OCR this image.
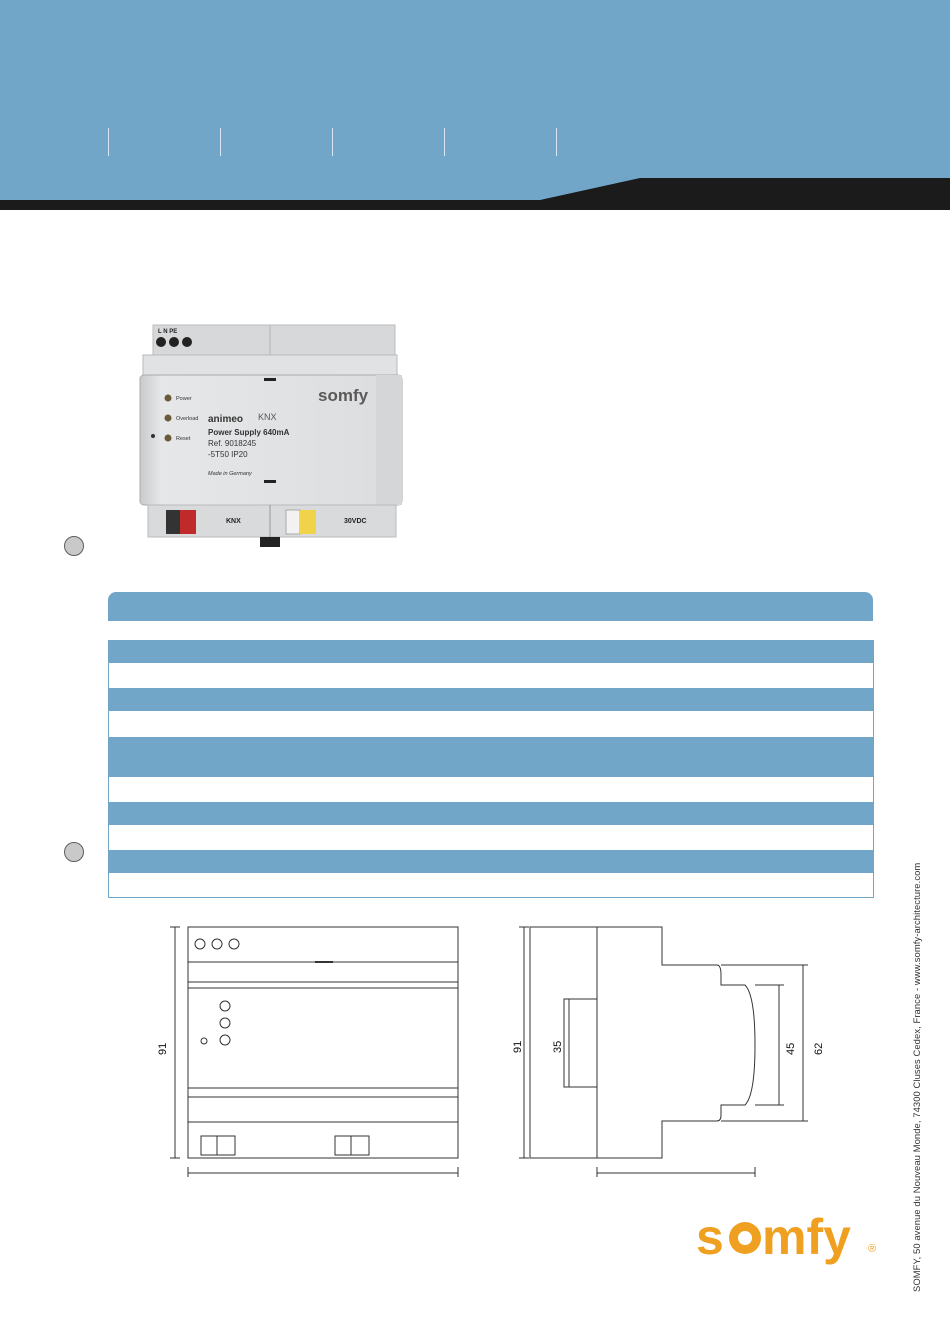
L N PE
Power
Overload
Reset
somfy
animeo KNX
Power Supply 640mA
Ref. 9018245
-5T50 IP20
Made in Germany
KNX	30VDC
91	91	35	45 62
s mfy ®	SOMFY, 50 avenue du Nouveau Monde, 74300 Cluses Cedex, France - www.somfy-architecture.com
